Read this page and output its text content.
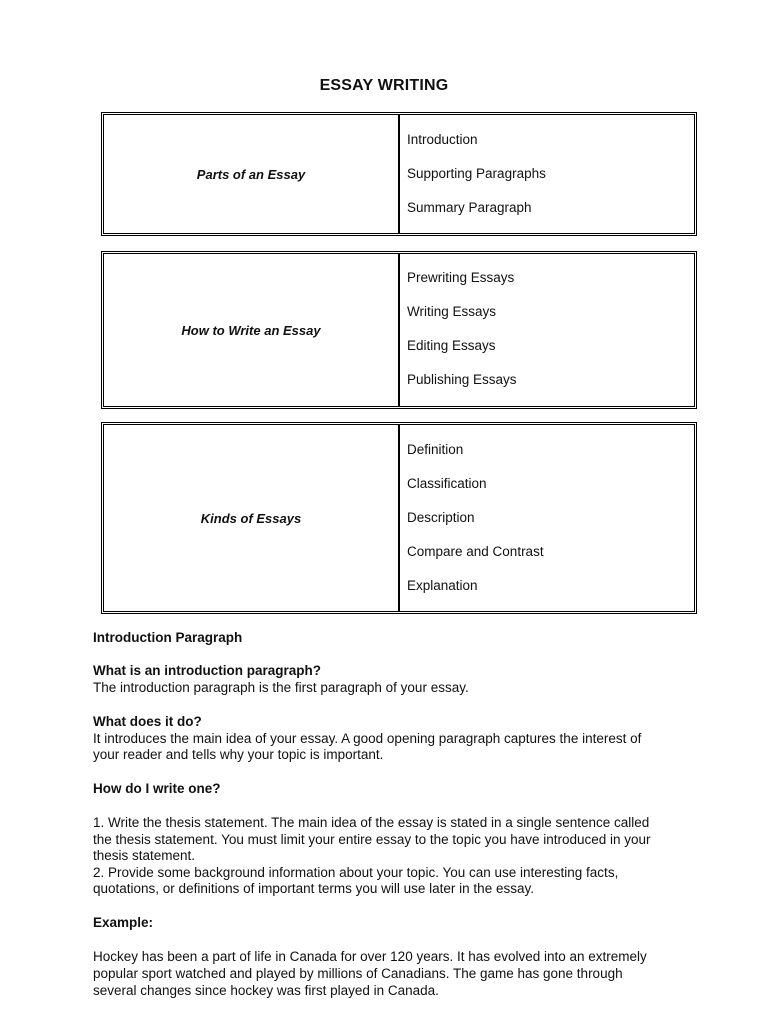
ESSAY WRITING
Parts of an Essay
Introduction
Supporting Paragraphs
Summary Paragraph
How to Write an Essay
Prewriting Essays
Writing Essays
Editing Essays
Publishing Essays
Kinds of Essays
Definition
Classification
Description
Compare and Contrast
Explanation
Introduction Paragraph
What is an introduction paragraph?
The introduction paragraph is the first paragraph of your essay.
What does it do?
It introduces the main idea of your essay. A good opening paragraph captures the interest of
your reader and tells why your topic is important.
How do I write one?
1. Write the thesis statement. The main idea of the essay is stated in a single sentence called
the thesis statement. You must limit your entire essay to the topic you have introduced in your
thesis statement.
2. Provide some background information about your topic. You can use interesting facts,
quotations, or definitions of important terms you will use later in the essay.
Example:
Hockey has been a part of life in Canada for over 120 years. It has evolved into an extremely
popular sport watched and played by millions of Canadians. The game has gone through
several changes since hockey was first played in Canada.
